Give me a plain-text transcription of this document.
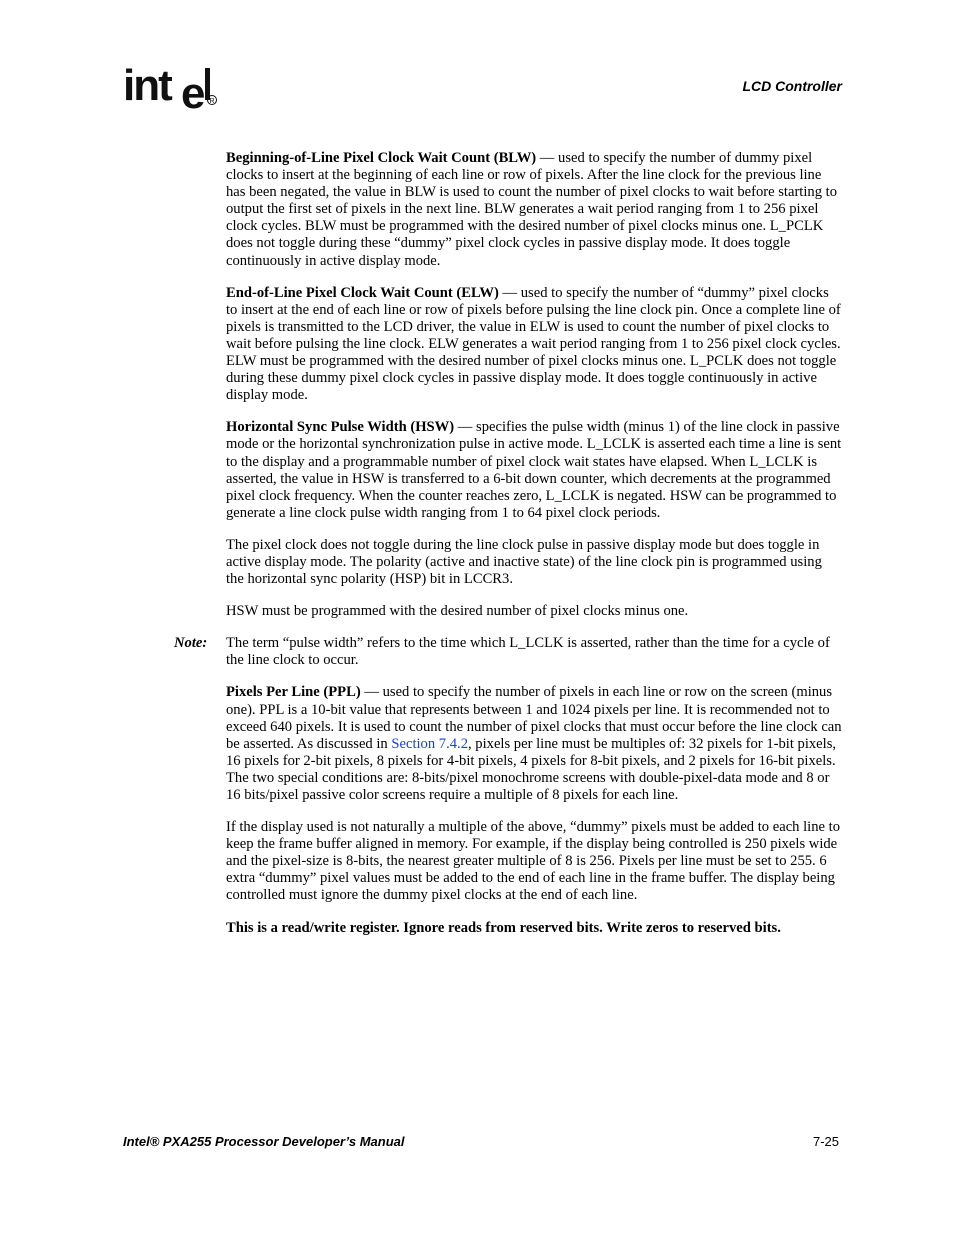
int e R
LCD Controller

Beginning-of-Line Pixel Clock Wait Count (BLW) — used to specify the number of dummy pixel clocks to insert at the beginning of each line or row of pixels. After the line clock for the previous line has been negated, the value in BLW is used to count the number of pixel clocks to wait before starting to output the first set of pixels in the next line. BLW generates a wait period ranging from 1 to 256 pixel clock cycles. BLW must be programmed with the desired number of pixel clocks minus one. L_PCLK does not toggle during these “dummy” pixel clock cycles in passive display mode. It does toggle continuously in active display mode.

End-of-Line Pixel Clock Wait Count (ELW) — used to specify the number of “dummy” pixel clocks to insert at the end of each line or row of pixels before pulsing the line clock pin. Once a complete line of pixels is transmitted to the LCD driver, the value in ELW is used to count the number of pixel clocks to wait before pulsing the line clock. ELW generates a wait period ranging from 1 to 256 pixel clock cycles. ELW must be programmed with the desired number of pixel clocks minus one. L_PCLK does not toggle during these dummy pixel clock cycles in passive display mode. It does toggle continuously in active display mode.

Horizontal Sync Pulse Width (HSW) — specifies the pulse width (minus 1) of the line clock in passive mode or the horizontal synchronization pulse in active mode. L_LCLK is asserted each time a line is sent to the display and a programmable number of pixel clock wait states have elapsed. When L_LCLK is asserted, the value in HSW is transferred to a 6-bit down counter, which decrements at the programmed pixel clock frequency. When the counter reaches zero, L_LCLK is negated. HSW can be programmed to generate a line clock pulse width ranging from 1 to 64 pixel clock periods.

The pixel clock does not toggle during the line clock pulse in passive display mode but does toggle in active display mode. The polarity (active and inactive state) of the line clock pin is programmed using the horizontal sync polarity (HSP) bit in LCCR3.

HSW must be programmed with the desired number of pixel clocks minus one.

Note: The term “pulse width” refers to the time which L_LCLK is asserted, rather than the time for a cycle of the line clock to occur.

Pixels Per Line (PPL) — used to specify the number of pixels in each line or row on the screen (minus one). PPL is a 10-bit value that represents between 1 and 1024 pixels per line. It is recommended not to exceed 640 pixels. It is used to count the number of pixel clocks that must occur before the line clock can be asserted. As discussed in Section 7.4.2, pixels per line must be multiples of: 32 pixels for 1-bit pixels, 16 pixels for 2-bit pixels, 8 pixels for 4-bit pixels, 4 pixels for 8-bit pixels, and 2 pixels for 16-bit pixels. The two special conditions are: 8-bits/pixel monochrome screens with double-pixel-data mode and 8 or 16 bits/pixel passive color screens require a multiple of 8 pixels for each line.

If the display used is not naturally a multiple of the above, “dummy” pixels must be added to each line to keep the frame buffer aligned in memory. For example, if the display being controlled is 250 pixels wide and the pixel-size is 8-bits, the nearest greater multiple of 8 is 256. Pixels per line must be set to 255. 6 extra “dummy” pixel values must be added to the end of each line in the frame buffer. The display being controlled must ignore the dummy pixel clocks at the end of each line.

This is a read/write register. Ignore reads from reserved bits. Write zeros to reserved bits.

Intel® PXA255 Processor Developer’s Manual	7-25
